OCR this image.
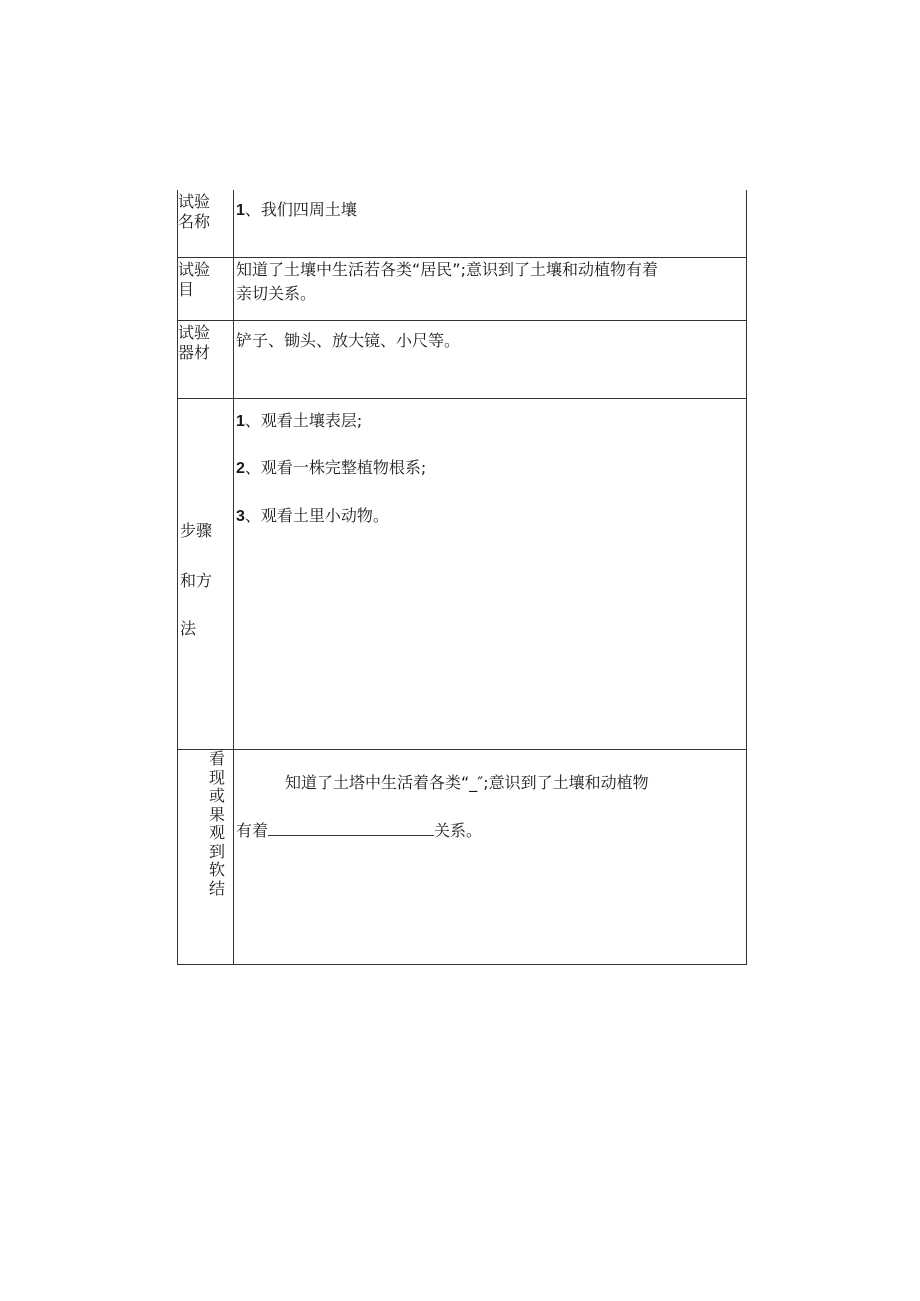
试验
名称
1、我们四周土壤
试验
目
知道了土壤中生活若各类“居民”;意识到了土壤和动植物有着
亲切关系。
试验
器材
铲子、锄头、放大镜、小尺等。
步骤
和方
法
1、观看土壤表层;
2、观看一株完整植物根系;
3、观看土里小动物。
看
现
或
果
观
到
软
结
知道了土塔中生活着各类“_″;意识到了土壤和动植物
有着	关系。
